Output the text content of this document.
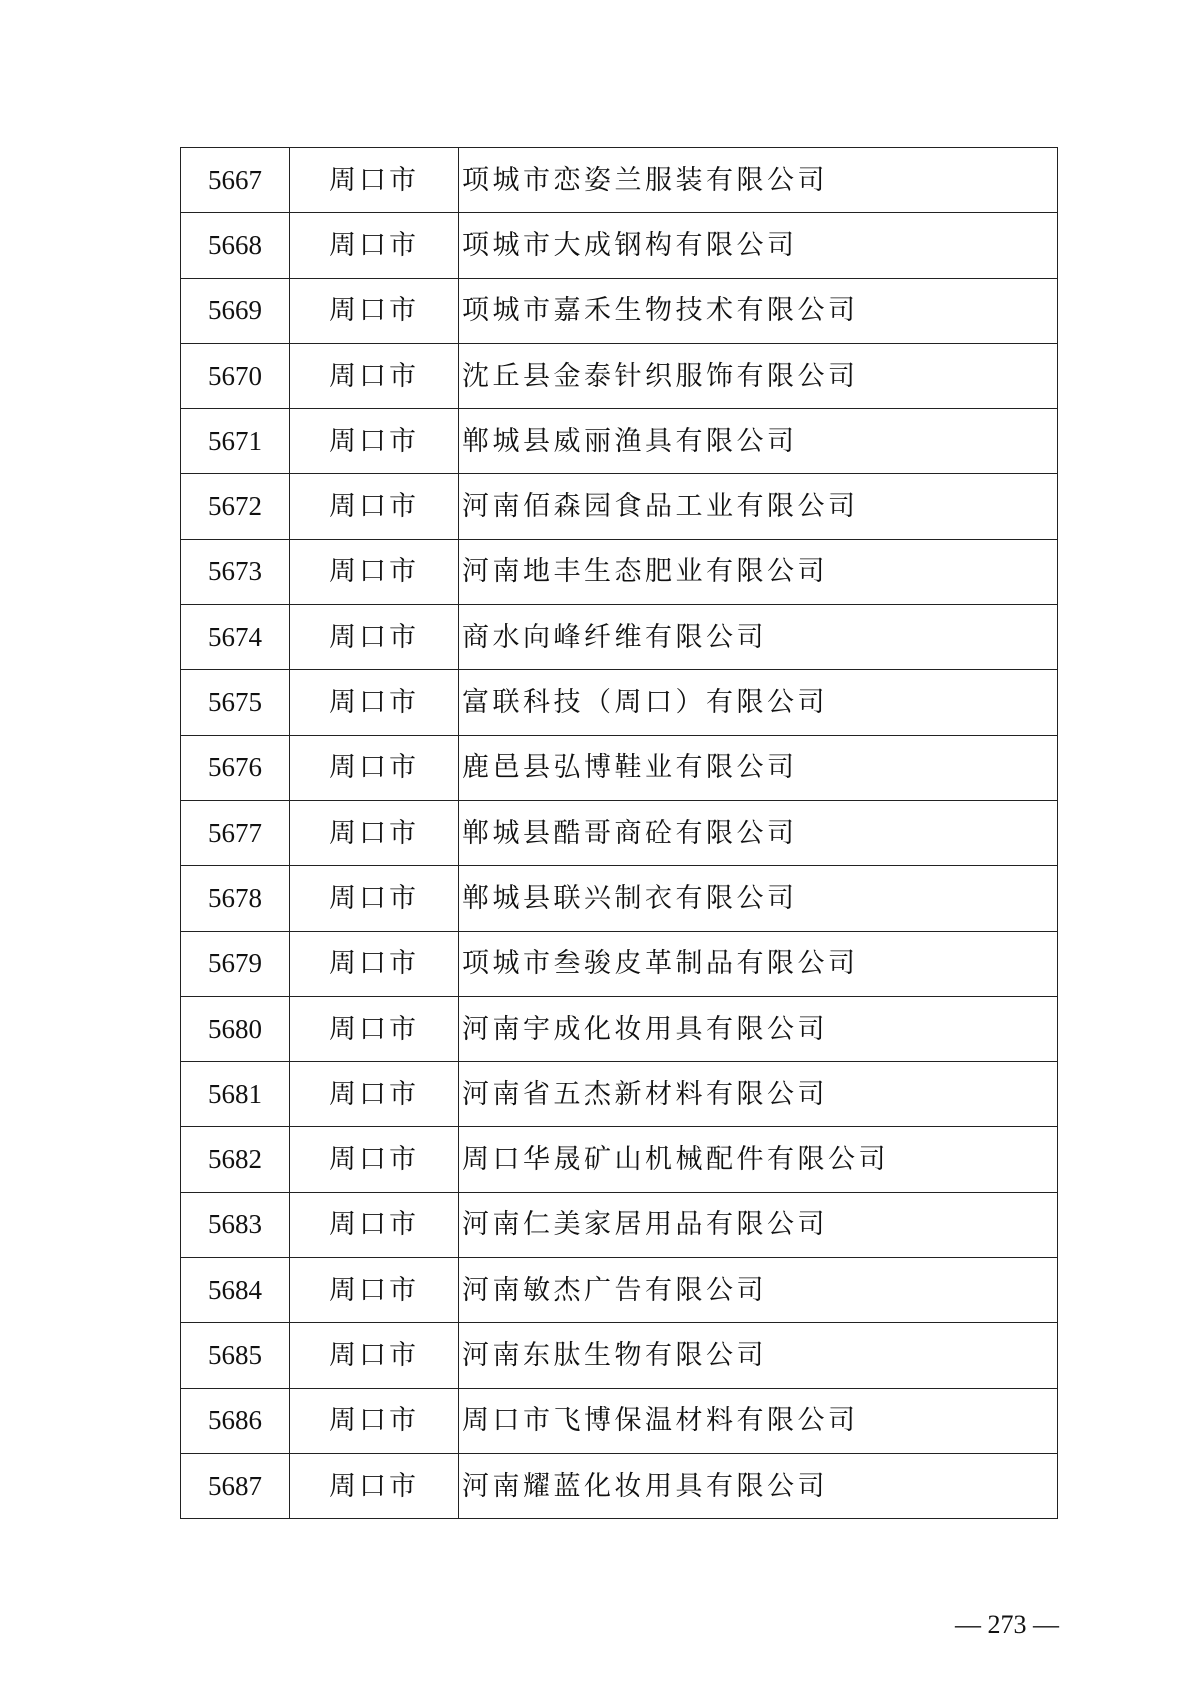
5667	周口市	项城市恋姿兰服装有限公司
5668	周口市	项城市大成钢构有限公司
5669	周口市	项城市嘉禾生物技术有限公司
5670	周口市	沈丘县金泰针织服饰有限公司
5671	周口市	郸城县威丽渔具有限公司
5672	周口市	河南佰森园食品工业有限公司
5673	周口市	河南地丰生态肥业有限公司
5674	周口市	商水向峰纤维有限公司
5675	周口市	富联科技（周口）有限公司
5676	周口市	鹿邑县弘博鞋业有限公司
5677	周口市	郸城县酷哥商砼有限公司
5678	周口市	郸城县联兴制衣有限公司
5679	周口市	项城市叁骏皮革制品有限公司
5680	周口市	河南宇成化妆用具有限公司
5681	周口市	河南省五杰新材料有限公司
5682	周口市	周口华晟矿山机械配件有限公司
5683	周口市	河南仁美家居用品有限公司
5684	周口市	河南敏杰广告有限公司
5685	周口市	河南东肽生物有限公司
5686	周口市	周口市飞博保温材料有限公司
5687	周口市	河南耀蓝化妆用具有限公司
— 273 —
